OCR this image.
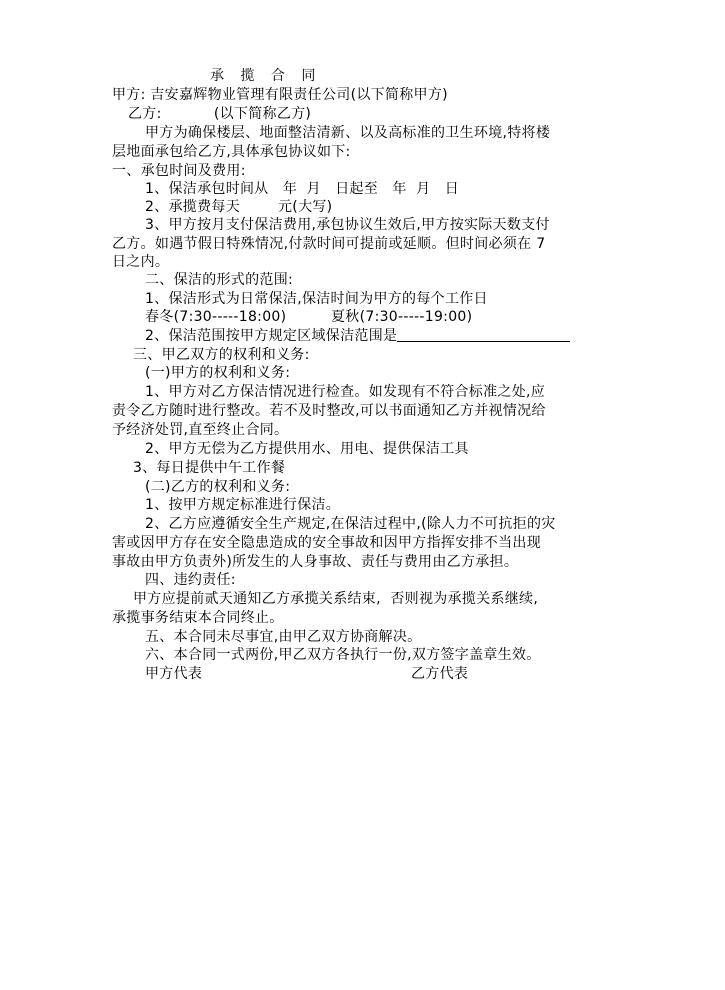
承 揽 合 同
甲方: 吉安嘉辉物业管理有限责任公司(以下简称甲方)
乙方:           (以下简称乙方)
甲方为确保楼层、地面整洁清新、以及高标准的卫生环境,特将楼
层地面承包给乙方,具体承包协议如下:
一、承包时间及费用:
1、保洁承包时间从   年  月   日起至   年  月   日
2、承揽费每天        元(大写)
3、甲方按月支付保洁费用,承包协议生效后,甲方按实际天数支付
乙方。如遇节假日特殊情况,付款时间可提前或延顺。但时间必须在 7
日之内。
二、保洁的形式的范围:
1、保洁形式为日常保洁,保洁时间为甲方的每个工作日
春冬(7:30-----18:00)	夏秋(7:30-----19:00)
2、保洁范围按甲方规定区域保洁范围是
三、甲乙双方的权利和义务:
(一)甲方的权利和义务:
1、甲方对乙方保洁情况进行检查。如发现有不符合标准之处,应
责令乙方随时进行整改。若不及时整改,可以书面通知乙方并视情况给
予经济处罚,直至终止合同。
2、甲方无偿为乙方提供用水、用电、提供保洁工具
3、每日提供中午工作餐
(二)乙方的权利和义务:
1、按甲方规定标准进行保洁。
2、乙方应遵循安全生产规定,在保洁过程中,(除人力不可抗拒的灾
害或因甲方存在安全隐患造成的安全事故和因甲方指挥安排不当出现
事故由甲方负责外)所发生的人身事故、责任与费用由乙方承担。
四、违约责任:
甲方应提前贰天通知乙方承揽关系结束,  否则视为承揽关系继续,
承揽事务结束本合同终止。
五、本合同未尽事宜,由甲乙双方协商解决。
六、本合同一式两份,甲乙双方各执行一份,双方签字盖章生效。
甲方代表	乙方代表
